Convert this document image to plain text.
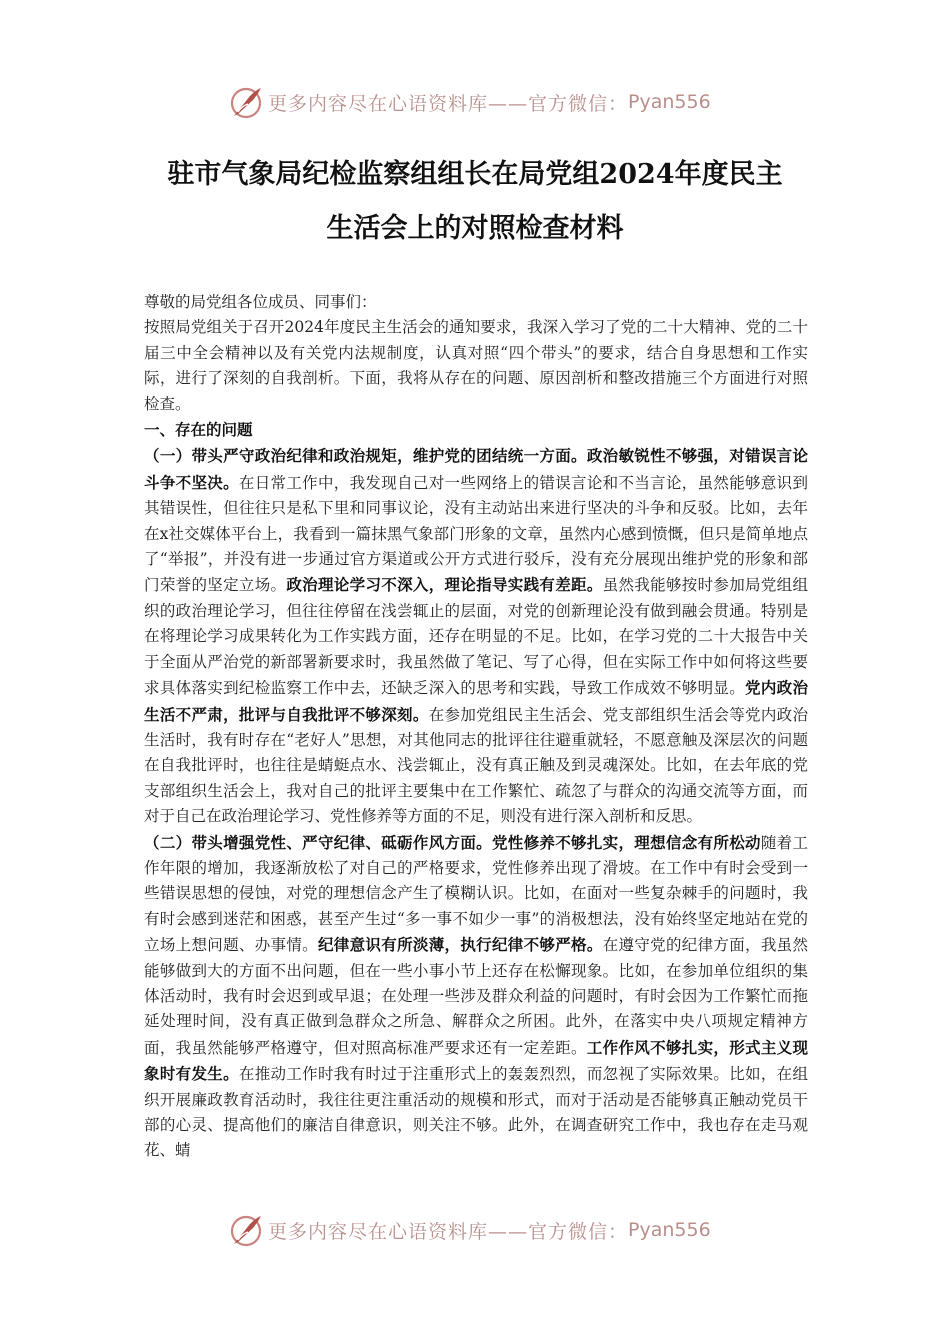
更多内容尽在心语资料库——官方微信： Pyan556
驻市气象局纪检监察组组长在局党组2024年度民主
生活会上的对照检查材料

尊敬的局党组各位成员、同事们：

按照局党组关于召开2024年度民主生活会的通知要求，我深入学习了党的二十大精神、党的二十届三中全会精神以及有关党内法规制度，认真对照“四个带头”的要求，结合自身思想和工作实际，进行了深刻的自我剖析。下面，我将从存在的问题、原因剖析和整改措施三个方面进行对照检查。

一、存在的问题

（一）带头严守政治纪律和政治规矩，维护党的团结统一方面。政治敏锐性不够强，对错误言论斗争不坚决。在日常工作中，我发现自己对一些网络上的错误言论和不当言论，虽然能够意识到其错误性，但往往只是私下里和同事议论，没有主动站出来进行坚决的斗争和反驳。比如，去年在x社交媒体平台上，我看到一篇抹黑气象部门形象的文章，虽然内心感到愤慨，但只是简单地点了“举报”，并没有进一步通过官方渠道或公开方式进行驳斥，没有充分展现出维护党的形象和部门荣誉的坚定立场。政治理论学习不深入，理论指导实践有差距。虽然我能够按时参加局党组组织的政治理论学习，但往往停留在浅尝辄止的层面，对党的创新理论没有做到融会贯通。特别是在将理论学习成果转化为工作实践方面，还存在明显的不足。比如，在学习党的二十大报告中关于全面从严治党的新部署新要求时，我虽然做了笔记、写了心得，但在实际工作中如何将这些要求具体落实到纪检监察工作中去，还缺乏深入的思考和实践，导致工作成效不够明显。党内政治生活不严肃，批评与自我批评不够深刻。在参加党组民主生活会、党支部组织生活会等党内政治生活时，我有时存在“老好人”思想，对其他同志的批评往往避重就轻，不愿意触及深层次的问题在自我批评时，也往往是蜻蜓点水、浅尝辄止，没有真正触及到灵魂深处。比如，在去年底的党支部组织生活会上，我对自己的批评主要集中在工作繁忙、疏忽了与群众的沟通交流等方面，而对于自己在政治理论学习、党性修养等方面的不足，则没有进行深入剖析和反思。

（二）带头增强党性、严守纪律、砥砺作风方面。党性修养不够扎实，理想信念有所松动随着工作年限的增加，我逐渐放松了对自己的严格要求，党性修养出现了滑坡。在工作中有时会受到一些错误思想的侵蚀，对党的理想信念产生了模糊认识。比如，在面对一些复杂棘手的问题时，我有时会感到迷茫和困惑，甚至产生过“多一事不如少一事”的消极想法，没有始终坚定地站在党的立场上想问题、办事情。纪律意识有所淡薄，执行纪律不够严格。在遵守党的纪律方面，我虽然能够做到大的方面不出问题，但在一些小事小节上还存在松懈现象。比如，在参加单位组织的集体活动时，我有时会迟到或早退；在处理一些涉及群众利益的问题时，有时会因为工作繁忙而拖延处理时间，没有真正做到急群众之所急、解群众之所困。此外，在落实中央八项规定精神方面，我虽然能够严格遵守，但对照高标准严要求还有一定差距。工作作风不够扎实，形式主义现象时有发生。在推动工作时我有时过于注重形式上的轰轰烈烈，而忽视了实际效果。比如，在组织开展廉政教育活动时，我往往更注重活动的规模和形式，而对于活动是否能够真正触动党员干部的心灵、提高他们的廉洁自律意识，则关注不够。此外，在调查研究工作中，我也存在走马观花、蜻

更多内容尽在心语资料库——官方微信： Pyan556
